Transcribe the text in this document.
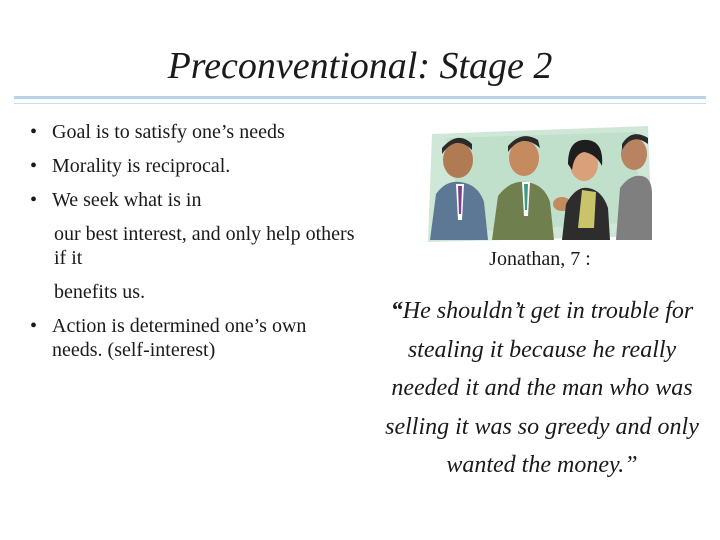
Preconventional: Stage 2
• Goal is to satisfy one’s needs
• Morality is reciprocal.
• We seek what is in
our best interest, and only help others if it
benefits us.
• Action is determined one’s own needs. (self-interest)
Jonathan, 7 :
“He shouldn’t get in trouble for stealing it because he really needed it and the man who was selling it was so greedy and only wanted the money.”
